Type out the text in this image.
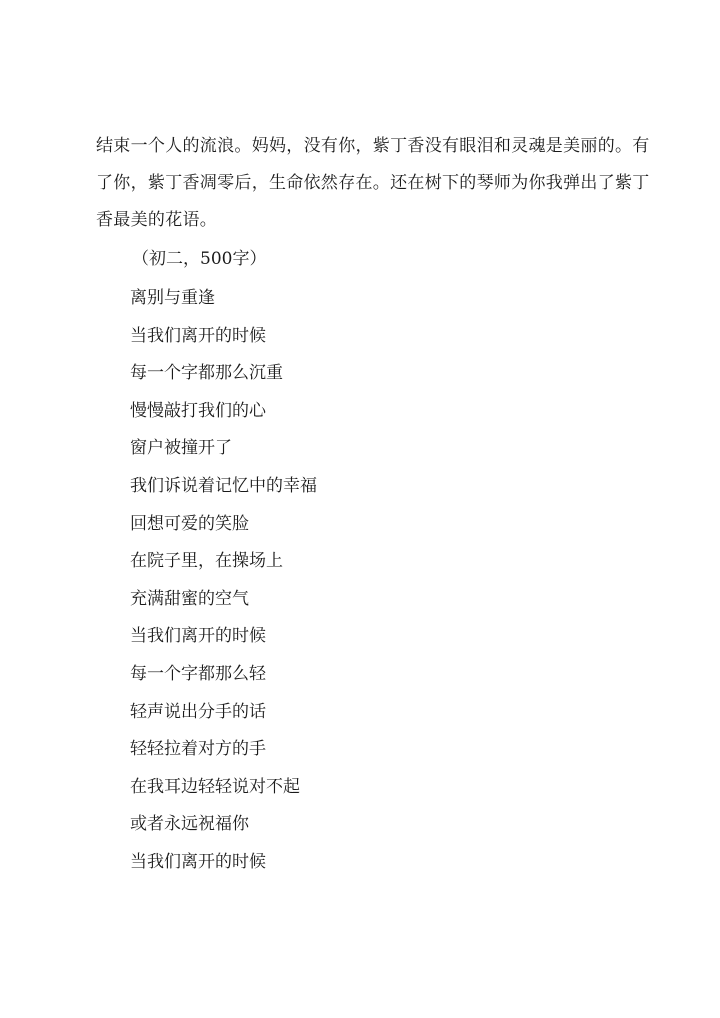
结束一个人的流浪。妈妈，没有你，紫丁香没有眼泪和灵魂是美丽的。有
了你，紫丁香凋零后，生命依然存在。还在树下的琴师为你我弹出了紫丁
香最美的花语。

（初二，500字）

离别与重逢
当我们离开的时候
每一个字都那么沉重
慢慢敲打我们的心
窗户被撞开了
我们诉说着记忆中的幸福
回想可爱的笑脸
在院子里，在操场上
充满甜蜜的空气
当我们离开的时候
每一个字都那么轻
轻声说出分手的话
轻轻拉着对方的手
在我耳边轻轻说对不起
或者永远祝福你
当我们离开的时候
